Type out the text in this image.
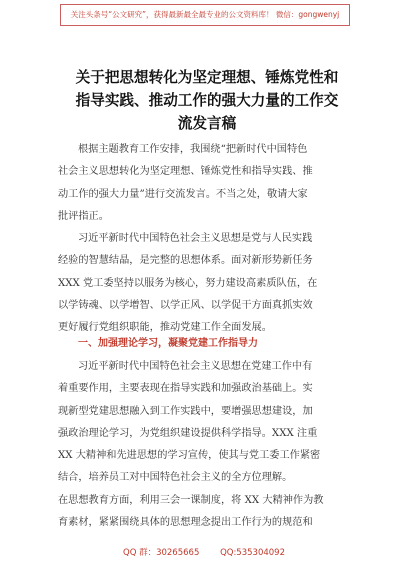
关注头条号“公文研究”，获得最新最全最专业的公文资料库！ 微信：gongwenyj
关于把思想转化为坚定理想、锤炼党性和
指导实践、推动工作的强大力量的工作交
流发言稿
根据主题教育工作安排，我围绕“把新时代中国特色
社会主义思想转化为坚定理想、锤炼党性和指导实践、推
动工作的强大力量”进行交流发言。不当之处，敬请大家
批评指正。
习近平新时代中国特色社会主义思想是党与人民实践
经验的智慧结晶，是完整的思想体系。面对新形势新任务
XXX 党工委坚持以服务为核心，努力建设高素质队伍，在
以学铸魂、以学增智、以学正风、以学促干方面真抓实效
更好履行党组织职能，推动党建工作全面发展。
一、加强理论学习，凝聚党建工作指导力
习近平新时代中国特色社会主义思想在党建工作中有
着重要作用，主要表现在指导实践和加强政治基础上。实
现新型党建思想融入到工作实践中，要增强思想建设，加
强政治理论学习，为党组织建设提供科学指导。XXX 注重
XX 大精神和先进思想的学习宣传，使其与党工委工作紧密
结合，培养员工对中国特色社会主义的全方位理解。
在思想教育方面，利用三会一课制度，将 XX 大精神作为教
育素材，紧紧围绕具体的思想理念提出工作行为的规范和
QQ 群：30265665 QQ:535304092
